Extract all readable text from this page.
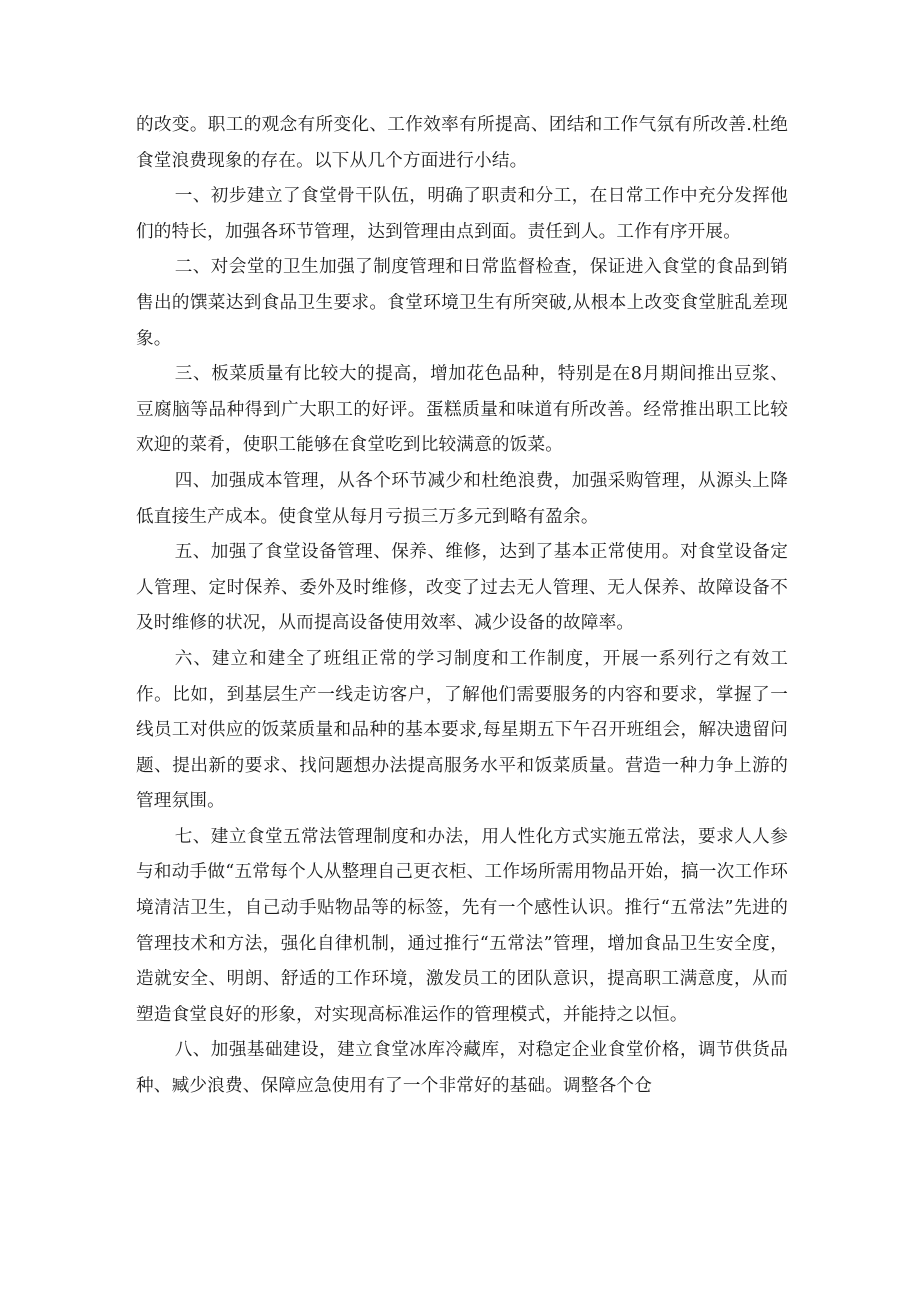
的改变。职工的观念有所变化、工作效率有所提高、团结和工作气氛有所改善.杜绝食堂浪费现象的存在。以下从几个方面进行小结。

一、初步建立了食堂骨干队伍，明确了职责和分工，在日常工作中充分发挥他们的特长，加强各环节管理，达到管理由点到面。责任到人。工作有序开展。

二、对会堂的卫生加强了制度管理和日常监督检查，保证进入食堂的食品到销售出的馔菜达到食品卫生要求。食堂环境卫生有所突破,从根本上改变食堂脏乱差现象。

三、板菜质量有比较大的提高，增加花色品种，特别是在8月期间推出豆浆、豆腐脑等品种得到广大职工的好评。蛋糕质量和味道有所改善。经常推出职工比较欢迎的菜肴，使职工能够在食堂吃到比较满意的饭菜。

四、加强成本管理，从各个环节减少和杜绝浪费，加强采购管理，从源头上降低直接生产成本。使食堂从每月亏损三万多元到略有盈余。

五、加强了食堂设备管理、保养、维修，达到了基本正常使用。对食堂设备定人管理、定时保养、委外及时维修，改变了过去无人管理、无人保养、故障设备不及时维修的状况，从而提高设备使用效率、减少设备的故障率。

六、建立和建全了班组正常的学习制度和工作制度，开展一系列行之有效工作。比如，到基层生产一线走访客户，了解他们需要服务的内容和要求，掌握了一线员工对供应的饭菜质量和品种的基本要求,每星期五下午召开班组会，解决遗留问题、提出新的要求、找问题想办法提高服务水平和饭菜质量。营造一种力争上游的管理氛围。

七、建立食堂五常法管理制度和办法，用人性化方式实施五常法，要求人人参与和动手做“五常每个人从整理自己更衣柜、工作场所需用物品开始，搞一次工作环境清洁卫生，自己动手贴物品等的标签，先有一个感性认识。推行“五常法”先进的管理技术和方法，强化自律机制，通过推行“五常法”管理，增加食品卫生安全度，造就安全、明朗、舒适的工作环境，激发员工的团队意识，提高职工满意度，从而塑造食堂良好的形象，对实现高标准运作的管理模式，并能持之以恒。

八、加强基础建设，建立食堂冰库冷藏库，对稳定企业食堂价格，调节供货品种、臧少浪费、保障应急使用有了一个非常好的基础。调整各个仓
